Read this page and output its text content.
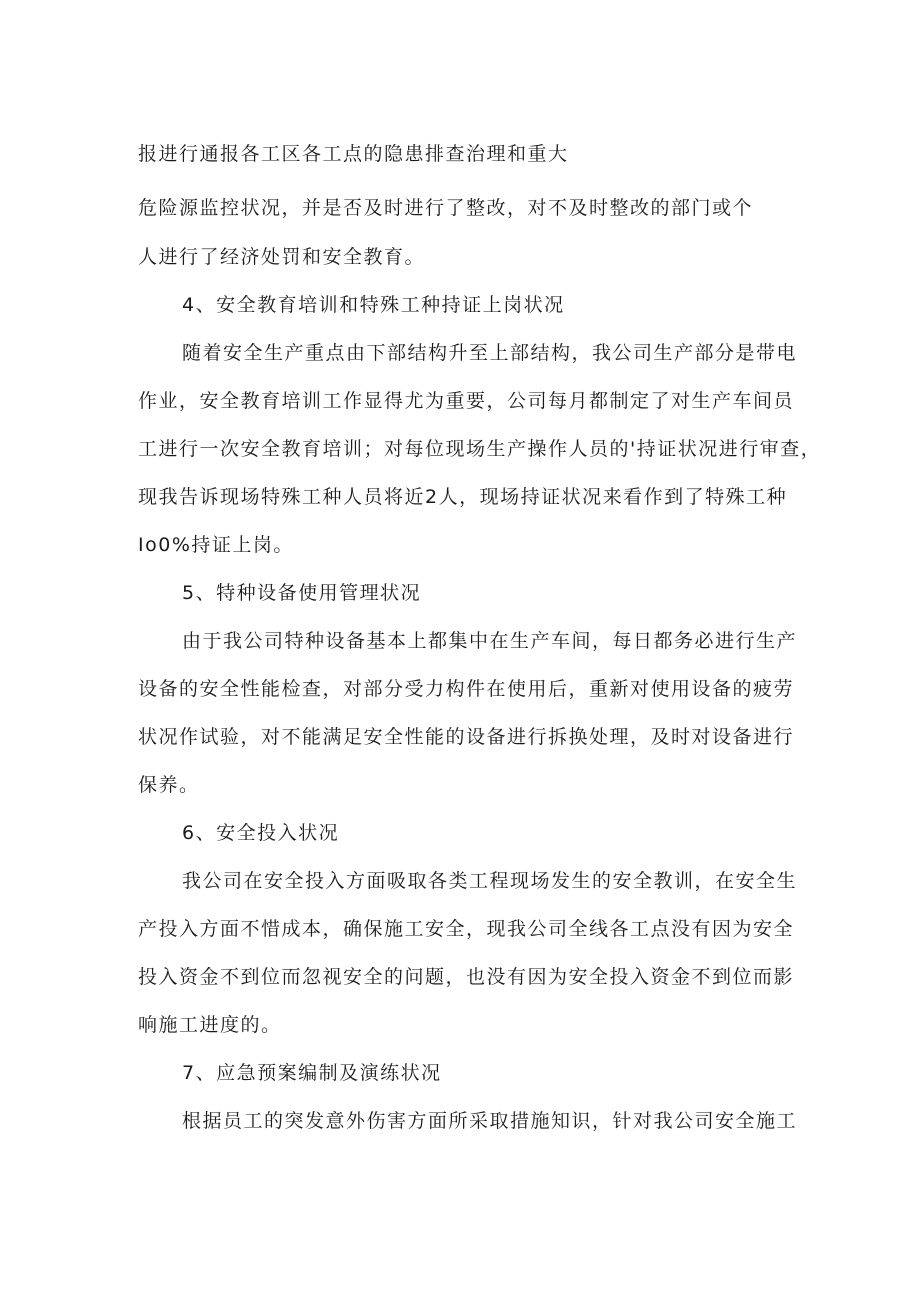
报进行通报各工区各工点的隐患排查治理和重大
危险源监控状况，并是否及时进行了整改，对不及时整改的部门或个
人进行了经济处罚和安全教育。
4、安全教育培训和特殊工种持证上岗状况
随着安全生产重点由下部结构升至上部结构，我公司生产部分是带电
作业，安全教育培训工作显得尤为重要，公司每月都制定了对生产车间员
工进行一次安全教育培训；对每位现场生产操作人员的'持证状况进行审查，
现我告诉现场特殊工种人员将近2人，现场持证状况来看作到了特殊工种
Io0%持证上岗。
5、特种设备使用管理状况
由于我公司特种设备基本上都集中在生产车间，每日都务必进行生产
设备的安全性能检查，对部分受力构件在使用后，重新对使用设备的疲劳
状况作试验，对不能满足安全性能的设备进行拆换处理，及时对设备进行
保养。
6、安全投入状况
我公司在安全投入方面吸取各类工程现场发生的安全教训，在安全生
产投入方面不惜成本，确保施工安全，现我公司全线各工点没有因为安全
投入资金不到位而忽视安全的问题，也没有因为安全投入资金不到位而影
响施工进度的。
7、应急预案编制及演练状况
根据员工的突发意外伤害方面所采取措施知识，针对我公司安全施工
